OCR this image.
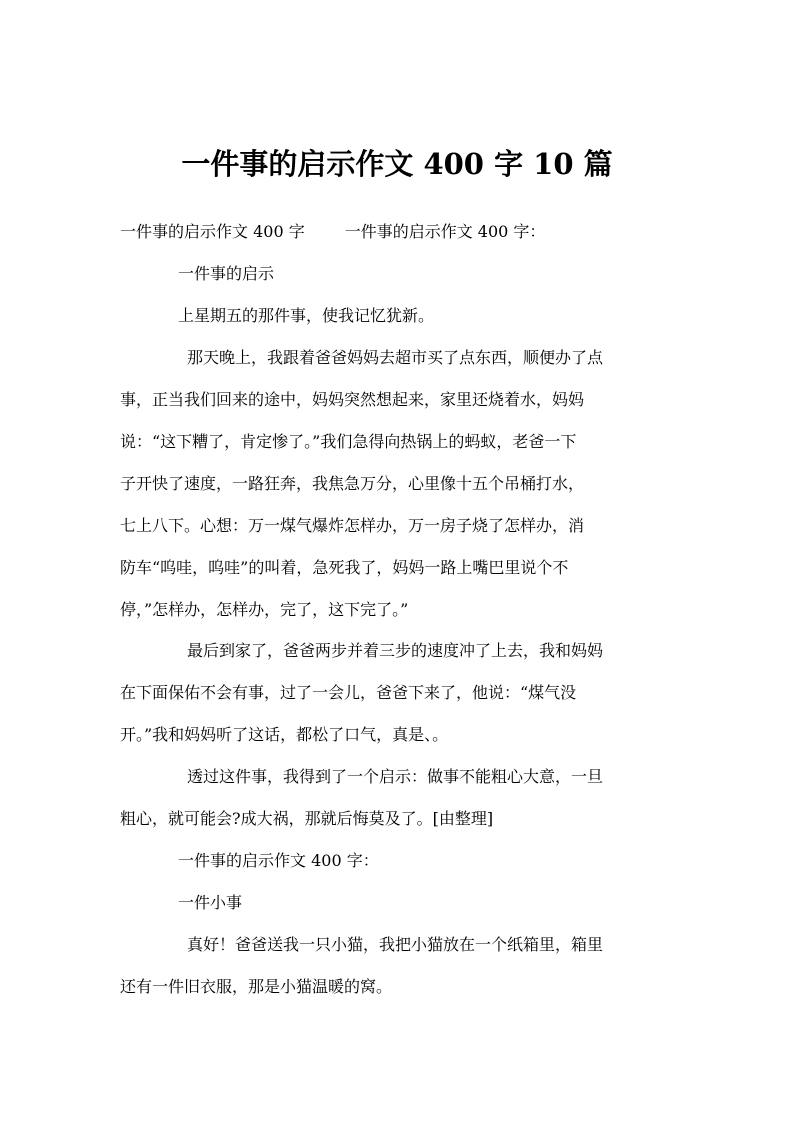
一件事的启示作文 400 字 10 篇
一件事的启示作文 400 字	一件事的启示作文 400 字：
一件事的启示
上星期五的那件事，使我记忆犹新。
那天晚上，我跟着爸爸妈妈去超市买了点东西，顺便办了点
事，正当我们回来的途中，妈妈突然想起来，家里还烧着水，妈妈
说：“这下糟了，肯定惨了。”我们急得向热锅上的蚂蚁，老爸一下
子开快了速度，一路狂奔，我焦急万分，心里像十五个吊桶打水，
七上八下。心想：万一煤气爆炸怎样办，万一房子烧了怎样办，消
防车“呜哇，呜哇”的叫着，急死我了，妈妈一路上嘴巴里说个不
停，”怎样办，怎样办，完了，这下完了。”
最后到家了，爸爸两步并着三步的速度冲了上去，我和妈妈
在下面保佑不会有事，过了一会儿，爸爸下来了，他说：“煤气没
开。”我和妈妈听了这话，都松了口气，真是、。
透过这件事，我得到了一个启示：做事不能粗心大意，一旦
粗心，就可能会?成大祸，那就后悔莫及了。[由整理]
一件事的启示作文 400 字：
一件小事
真好！爸爸送我一只小猫，我把小猫放在一个纸箱里，箱里
还有一件旧衣服，那是小猫温暖的窝。
